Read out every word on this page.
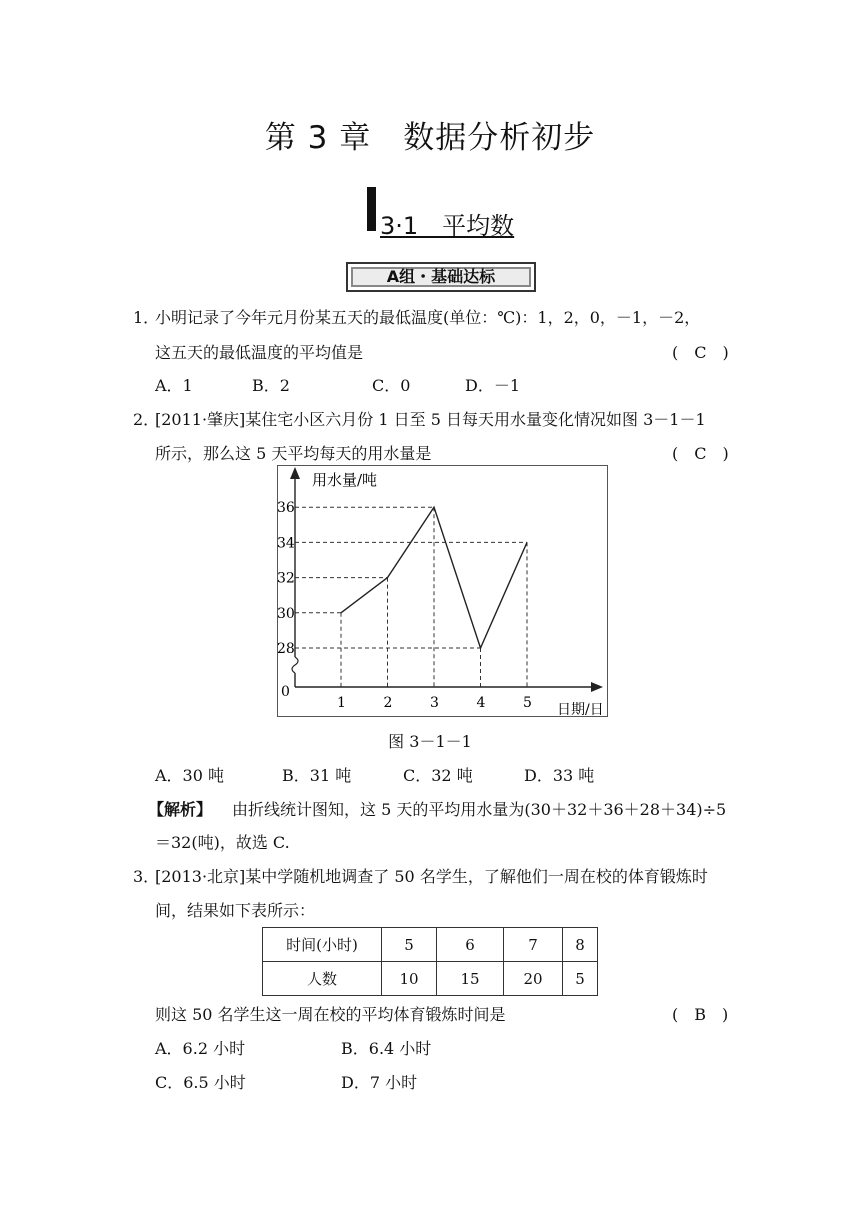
第 3 章　数据分析初步
3·1　平均数
A组・基础达标
1．
小明记录了今年元月份某五天的最低温度(单位：℃)：1，2，0，－1，－2，
这五天的最低温度的平均值是	(　C　)
A．1	B．2	C．0	D．－1
2．
[2011·肇庆]某住宅小区六月份 1 日至 5 日每天用水量变化情况如图 3－1－1
所示，那么这 5 天平均每天的用水量是	(　C　)
1	2	3	4	5
28
30
32
34
36
用水量/吨
日期/日
0
图 3－1－1
A．30 吨	B．31 吨	C．32 吨	D．33 吨
【解析】 由折线统计图知，这 5 天的平均用水量为(30＋32＋36＋28＋34)÷5
＝32(吨)，故选 C.
3．
[2013·北京]某中学随机地调查了 50 名学生，了解他们一周在校的体育锻炼时
间，结果如下表所示：
时间(小时)	5	6	7	8
人数	10	15	20	5
则这 50 名学生这一周在校的平均体育锻炼时间是	(　B　)
A．6.2 小时	B．6.4 小时
C．6.5 小时	D．7 小时
